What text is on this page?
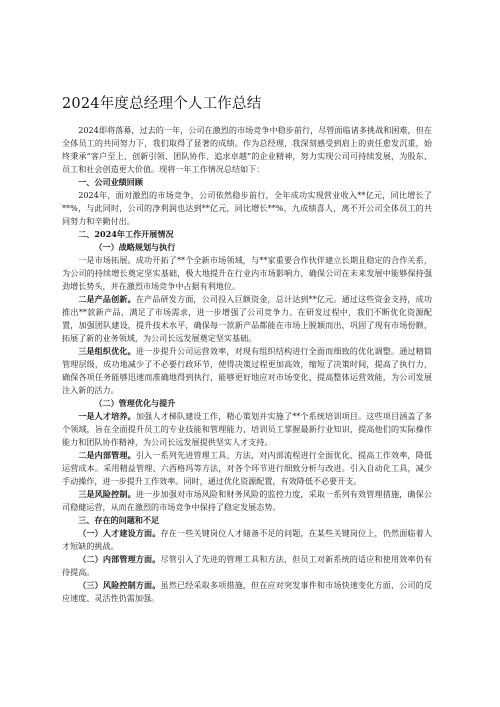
2024年度总经理个人工作总结

2024即将落幕，过去的一年，公司在激烈的市场竞争中稳步前行，尽管面临诸多挑战和困难，但在全体员工的共同努力下，我们取得了显著的成绩。作为总经理，我深刻感受到肩上的责任愈发沉重，始终秉承“客户至上、创新引领、团队协作、追求卓越”的企业精神，努力实现公司可持续发展，为股东、员工和社会创造更大价值。现将一年工作情况总结如下：

一、公司业绩回顾

2024年，面对激烈的市场竞争，公司依然稳步前行，全年成功实现营业收入**亿元，同比增长了**%，与此同时，公司的净利润也达到**亿元，同比增长**%，九成绩喜人，离不开公司全体员工的共同努力和辛勤付出。

二、2024年工作开展情况

（一）战略规划与执行

一是市场拓展。成功开拓了**个全新市场领域，与**家重要合作伙伴建立长期且稳定的合作关系，为公司的持续增长奠定坚实基础，极大地提升在行业内市场影响力，确保公司在未来发展中能够保持强劲增长势头，并在激烈市场竞争中占据有利地位。

二是产品创新。在产品研发方面，公司投入巨额资金，总计达到**亿元。通过这些资金支持，成功推出**款新产品，满足了市场需求，进一步增强了公司竞争力。在研发过程中，我们不断优化资源配置，加强团队建设，提升技术水平，确保每一款新产品都能在市场上脱颖而出，巩固了现有市场份额，拓展了新的业务领域，为公司长远发展奠定坚实基础。

三是组织优化。进一步提升公司运营效率，对现有组织结构进行全面而细致的优化调整。通过精简管理层级，成功地减少了不必要行政环节，使得决策过程更加高效，缩短了决策时间，提高了执行力，确保各项任务能够迅速而准确地得到执行，能够更好地应对市场变化，提高整体运营效能，为公司发展注入新的活力。

（二）管理优化与提升

一是人才培养。加强人才梯队建设工作，精心策划并实施了**个系统培训项目。这些项目涵盖了多个领域，旨在全面提升员工的专业技能和管理能力，培训员工掌握最新行业知识，提高他们的实际操作能力和团队协作精神，为公司长远发展提供坚实人才支持。

二是内部管理。引入一系列先进管理工具、方法，对内部流程进行全面优化，提高工作效率，降低运营成本。采用精益管理、六西格玛等方法，对各个环节进行细致分析与改进。引入自动化工具，减少手动操作，进一步提升工作效率。同时，通过优化资源配置，有效降低不必要开支。

三是风险控制。进一步加强对市场风险和财务风险的监控力度，采取一系列有效管理措施，确保公司稳健运营，从而在激烈的市场竞争中保持了稳定发展态势。

三、存在的问题和不足

（一）人才建设方面。存在一些关键岗位人才储备不足的问题，在某些关键岗位上，仍然面临着人才短缺的挑战。

（二）内部管理方面。尽管引入了先进的管理工具和方法，但员工对新系统的适应和使用效率仍有待提高。

（三）风险控制方面。虽然已经采取多项措施，但在应对突发事件和市场快速变化方面，公司的反应速度、灵活性仍需加强。
